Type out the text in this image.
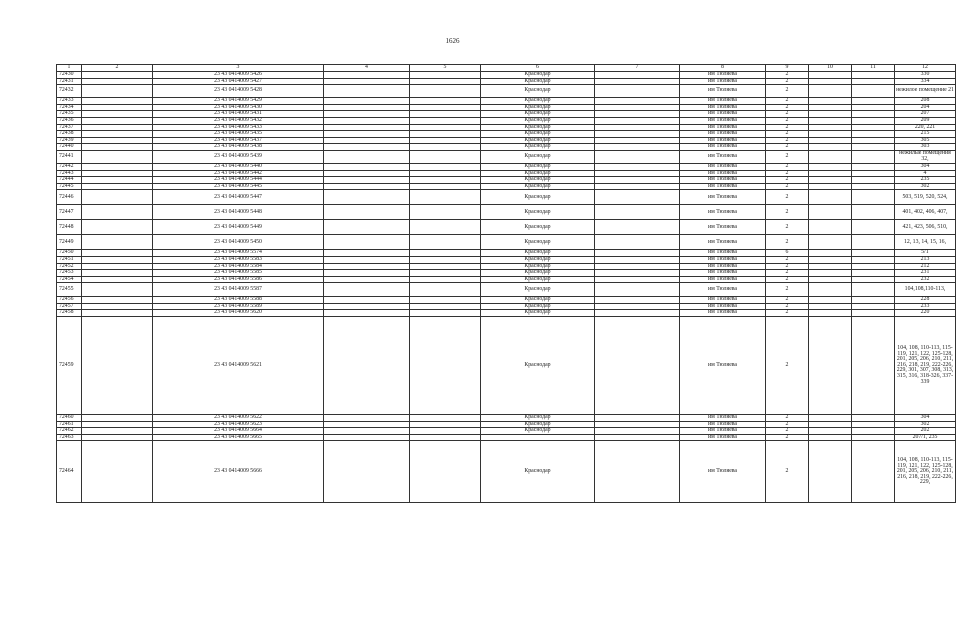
1626
1	2	3	4	5	6	7	8	9	10	11	12
72430		23 43 0414009 5426			Краснодар		им Тюляева	2			330
72431		23 43 0414009 5427			Краснодар		им Тюляева	2			334
72432		23 43 0414009 5428			Краснодар		им Тюляева	2			нежилое помещение 21
72433		23 43 0414009 5429			Краснодар		им Тюляева	2			208
72434		23 43 0414009 5430			Краснодар		им Тюляева	2			204
72435		23 43 0414009 5431			Краснодар		им Тюляева	2			207
72436		23 43 0414009 5432			Краснодар		им Тюляева	2			209
72437		23 43 0414009 5433			Краснодар		им Тюляева	2			220, 221
72438		23 43 0414009 5435			Краснодар		им Тюляева	2			215
72439		23 43 0414009 5437			Краснодар		им Тюляева	2			305
72440		23 43 0414009 5438			Краснодар		им Тюляева	2			303
72441		23 43 0414009 5439			Краснодар		им Тюляева	2			нежилые помещения 32,
72442		23 43 0414009 5440			Краснодар		им Тюляева	2			304
72443		23 43 0414009 5442			Краснодар		им Тюляева	2			4
72444		23 43 0414009 5444			Краснодар		им Тюляева	2			235
72445		23 43 0414009 5445			Краснодар		им Тюляева	2			302
72446		23 43 0414009 5447			Краснодар		им Тюляева	2			503, 519, 520, 524,
72447		23 43 0414009 5448			Краснодар		им Тюляева	2			401, 402, 406, 407,
72448		23 43 0414009 5449			Краснодар		им Тюляева	2			421, 423, 506, 510,
72449		23 43 0414009 5450			Краснодар		им Тюляева	2			12, 13, 14, 15, 16,
72450		23 43 0414009 5574			Краснодар		им Тюляева	6			5/1
72451		23 43 0414009 5583			Краснодар		им Тюляева	2			213
72452		23 43 0414009 5584			Краснодар		им Тюляева	2			212
72453		23 43 0414009 5585			Краснодар		им Тюляева	2			231
72454		23 43 0414009 5586			Краснодар		им Тюляева	2			232
72455		23 43 0414009 5587			Краснодар		им Тюляева	2			104,108,110-113,
72456		23 43 0414009 5588			Краснодар		им Тюляева	2			228
72457		23 43 0414009 5589			Краснодар		им Тюляева	2			233
72458		23 43 0414009 5620			Краснодар		им Тюляева	2			220
72459		23 43 0414009 5621			Краснодар		им Тюляева	2			104, 108, 110-113, 115-119, 121, 122, 125-128, 201, 205, 206, 210, 211, 216, 218, 219, 222-226, 229, 301, 307, 308, 313, 315, 316, 318-326, 337-339
72460		23 43 0414009 5622			Краснодар		им Тюляева	2			304
72461		23 43 0414009 5623			Краснодар		им Тюляева	2			302
72462		23 43 0414009 5664			Краснодар		им Тюляева	2			202
72463		23 43 0414009 5665					им Тюляева	2			207/1, 235
72464		23 43 0414009 5666			Краснодар		им Тюляева	2			104, 108, 110-113, 115-119, 121, 122, 125-128, 201, 205, 206, 210, 211, 216, 218, 219, 222-226, 229,
